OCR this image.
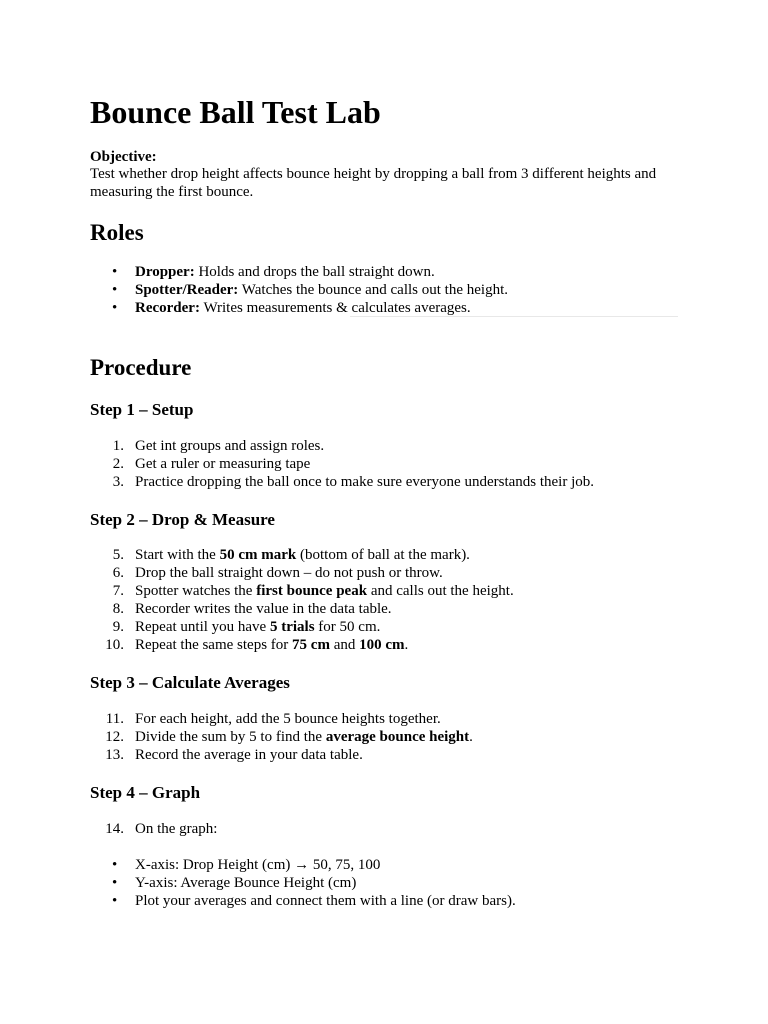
Bounce Ball Test Lab
Objective:
Test whether drop height affects bounce height by dropping a ball from 3 different heights and measuring the first bounce.
Roles
• Dropper: Holds and drops the ball straight down.
• Spotter/Reader: Watches the bounce and calls out the height.
• Recorder: Writes measurements & calculates averages.
Procedure
Step 1 – Setup
1. Get int groups and assign roles.
2. Get a ruler or measuring tape
3. Practice dropping the ball once to make sure everyone understands their job.
Step 2 – Drop & Measure
5. Start with the 50 cm mark (bottom of ball at the mark).
6. Drop the ball straight down – do not push or throw.
7. Spotter watches the first bounce peak and calls out the height.
8. Recorder writes the value in the data table.
9. Repeat until you have 5 trials for 50 cm.
10. Repeat the same steps for 75 cm and 100 cm.
Step 3 – Calculate Averages
11. For each height, add the 5 bounce heights together.
12. Divide the sum by 5 to find the average bounce height.
13. Record the average in your data table.
Step 4 – Graph
14. On the graph:
• X-axis: Drop Height (cm) → 50, 75, 100
• Y-axis: Average Bounce Height (cm)
• Plot your averages and connect them with a line (or draw bars).
